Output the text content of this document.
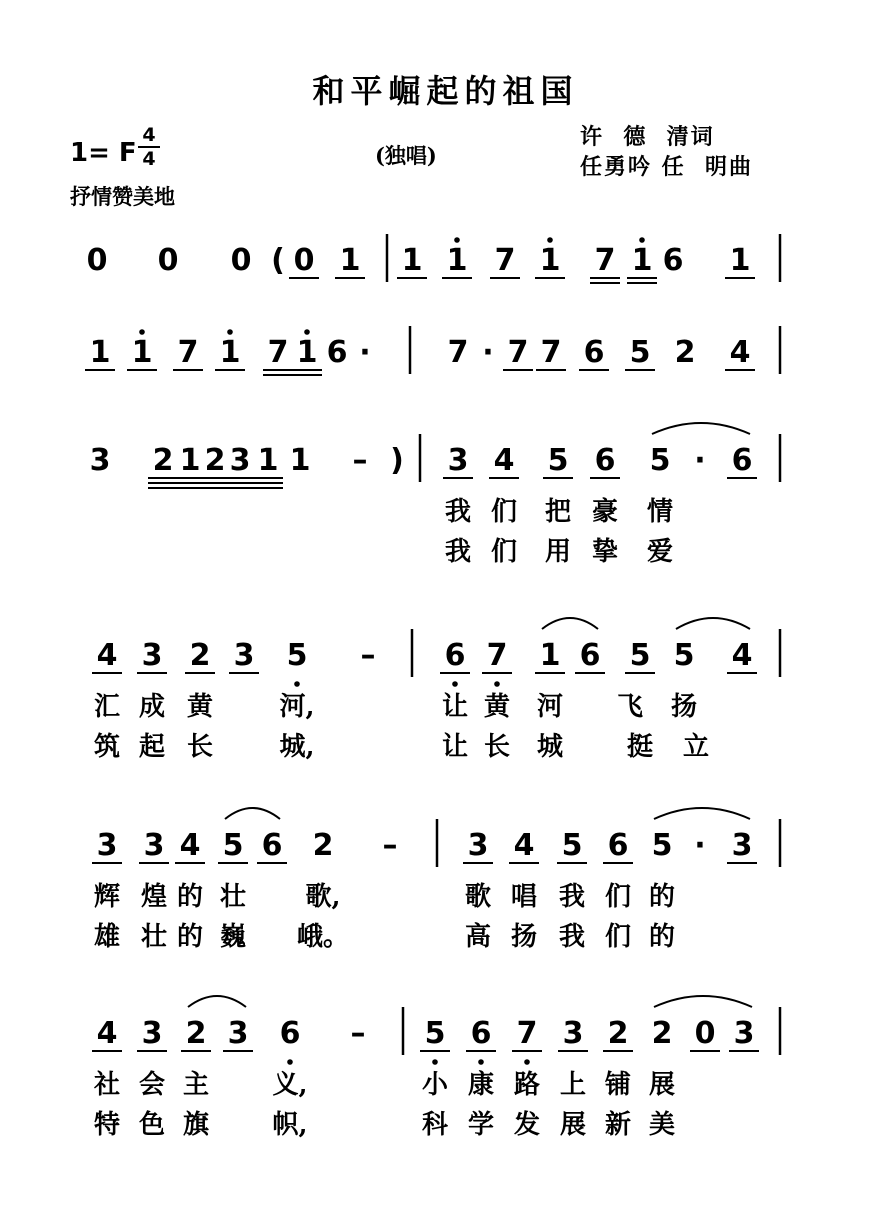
和平崛起的祖国
1= F
4
4
抒情赞美地
(独唱)
许  德  清词
任勇吟 任  明曲
0 0 0 ( 0 1 1 1 7 1 7 1 6 1
1 1 7 1 7 1 6 ·	7 · 7 7 6 5 2 4
3 2 1 2 3 1 1 – ) 3 4 5 6 5 · 6
我 们 把 豪 情
我 们 用 挚 爱
4 3 2 3 5 – 6 7 1 6 5 5 4
汇 成 黄	河,	让 黄 河 飞 扬
筑 起 长	城,	让 长 城 挺 立
3 3 4 5 6 2 – 3 4 5 6 5 · 3
辉 煌 的 壮 歌,	歌 唱 我 们 的
雄 壮 的 巍 峨。	高 扬 我 们 的
4 3 2 3 6 – 5 6 7 3 2 2 0 3
社 会 主 义,	小 康 路 上 铺 展
特 色 旗 帜,	科 学 发 展 新 美
